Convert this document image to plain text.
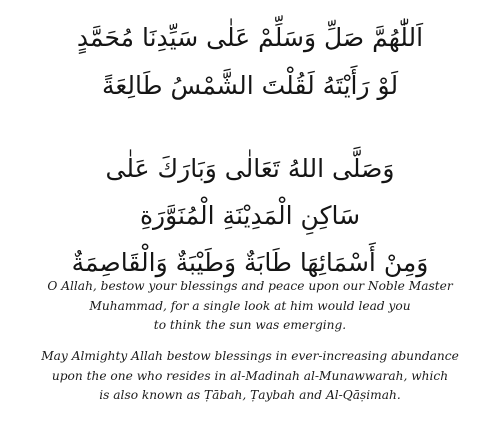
اَللّٰهُمَّ صَلِّ وَسَلِّمْ عَلٰى سَيِّدِنَا مُحَمَّدٍ
لَوْ رَأَيْتَهُ لَقُلْتَ الشَّمْسُ طَالِعَةً
وَصَلَّى اللهُ تَعَالٰى وَبَارَكَ عَلٰى
سَاكِنِ الْمَدِيْنَةِ الْمُنَوَّرَةِ
وَمِنْ أَسْمَائِهَا طَابَةٌ وَطَيْبَةٌ وَالْقَاصِمَةٌ
O Allah, bestow your blessings and peace upon our Noble Master
Muhammad, for a single look at him would lead you
to think the sun was emerging.
May Almighty Allah bestow blessings in ever-increasing abundance
upon the one who resides in al-Madinah al-Munawwarah, which
is also known as Ṭābah, Ṭaybah and Al-Qāṣimah.
